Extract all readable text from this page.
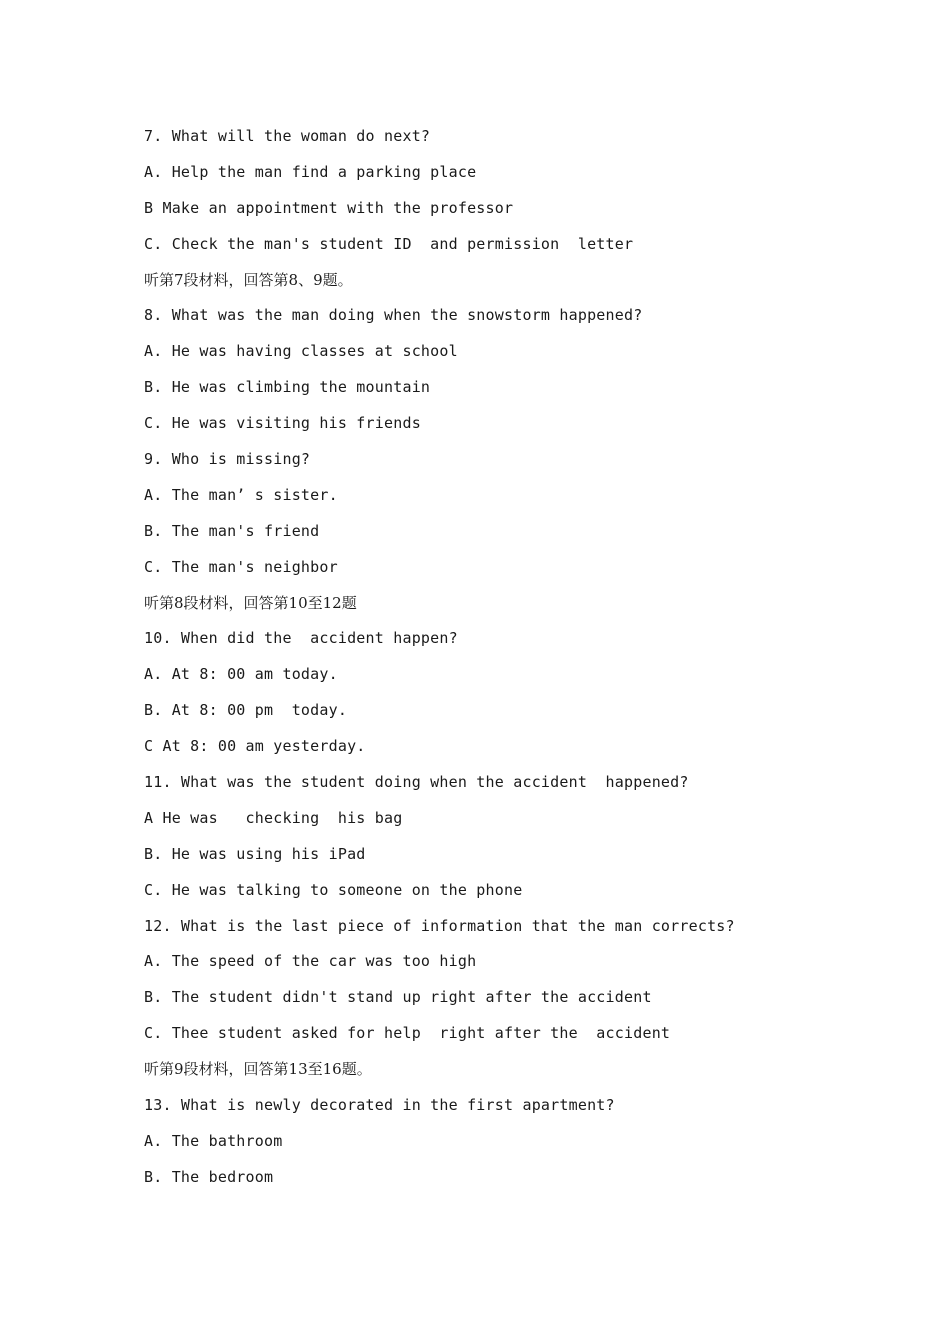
7. What will the woman do next?
A. Help the man find a parking place
B Make an appointment with the professor
C. Check the man's student ID  and permission  letter
听第7段材料，回答第8、9题。
8. What was the man doing when the snowstorm happened?
A. He was having classes at school
B. He was climbing the mountain
C. He was visiting his friends
9. Who is missing?
A. The man’ s sister.
B. The man's friend
C. The man's neighbor
听第8段材料，回答第10至12题
10. When did the  accident happen?
A. At 8: 00 am today.
B. At 8: 00 pm  today.
C At 8: 00 am yesterday.
11. What was the student doing when the accident  happened?
A He was   checking  his bag
B. He was using his iPad
C. He was talking to someone on the phone
12. What is the last piece of information that the man corrects?
A. The speed of the car was too high
B. The student didn't stand up right after the accident
C. Thee student asked for help  right after the  accident
听第9段材料，回答第13至16题。
13. What is newly decorated in the first apartment?
A. The bathroom
B. The bedroom
